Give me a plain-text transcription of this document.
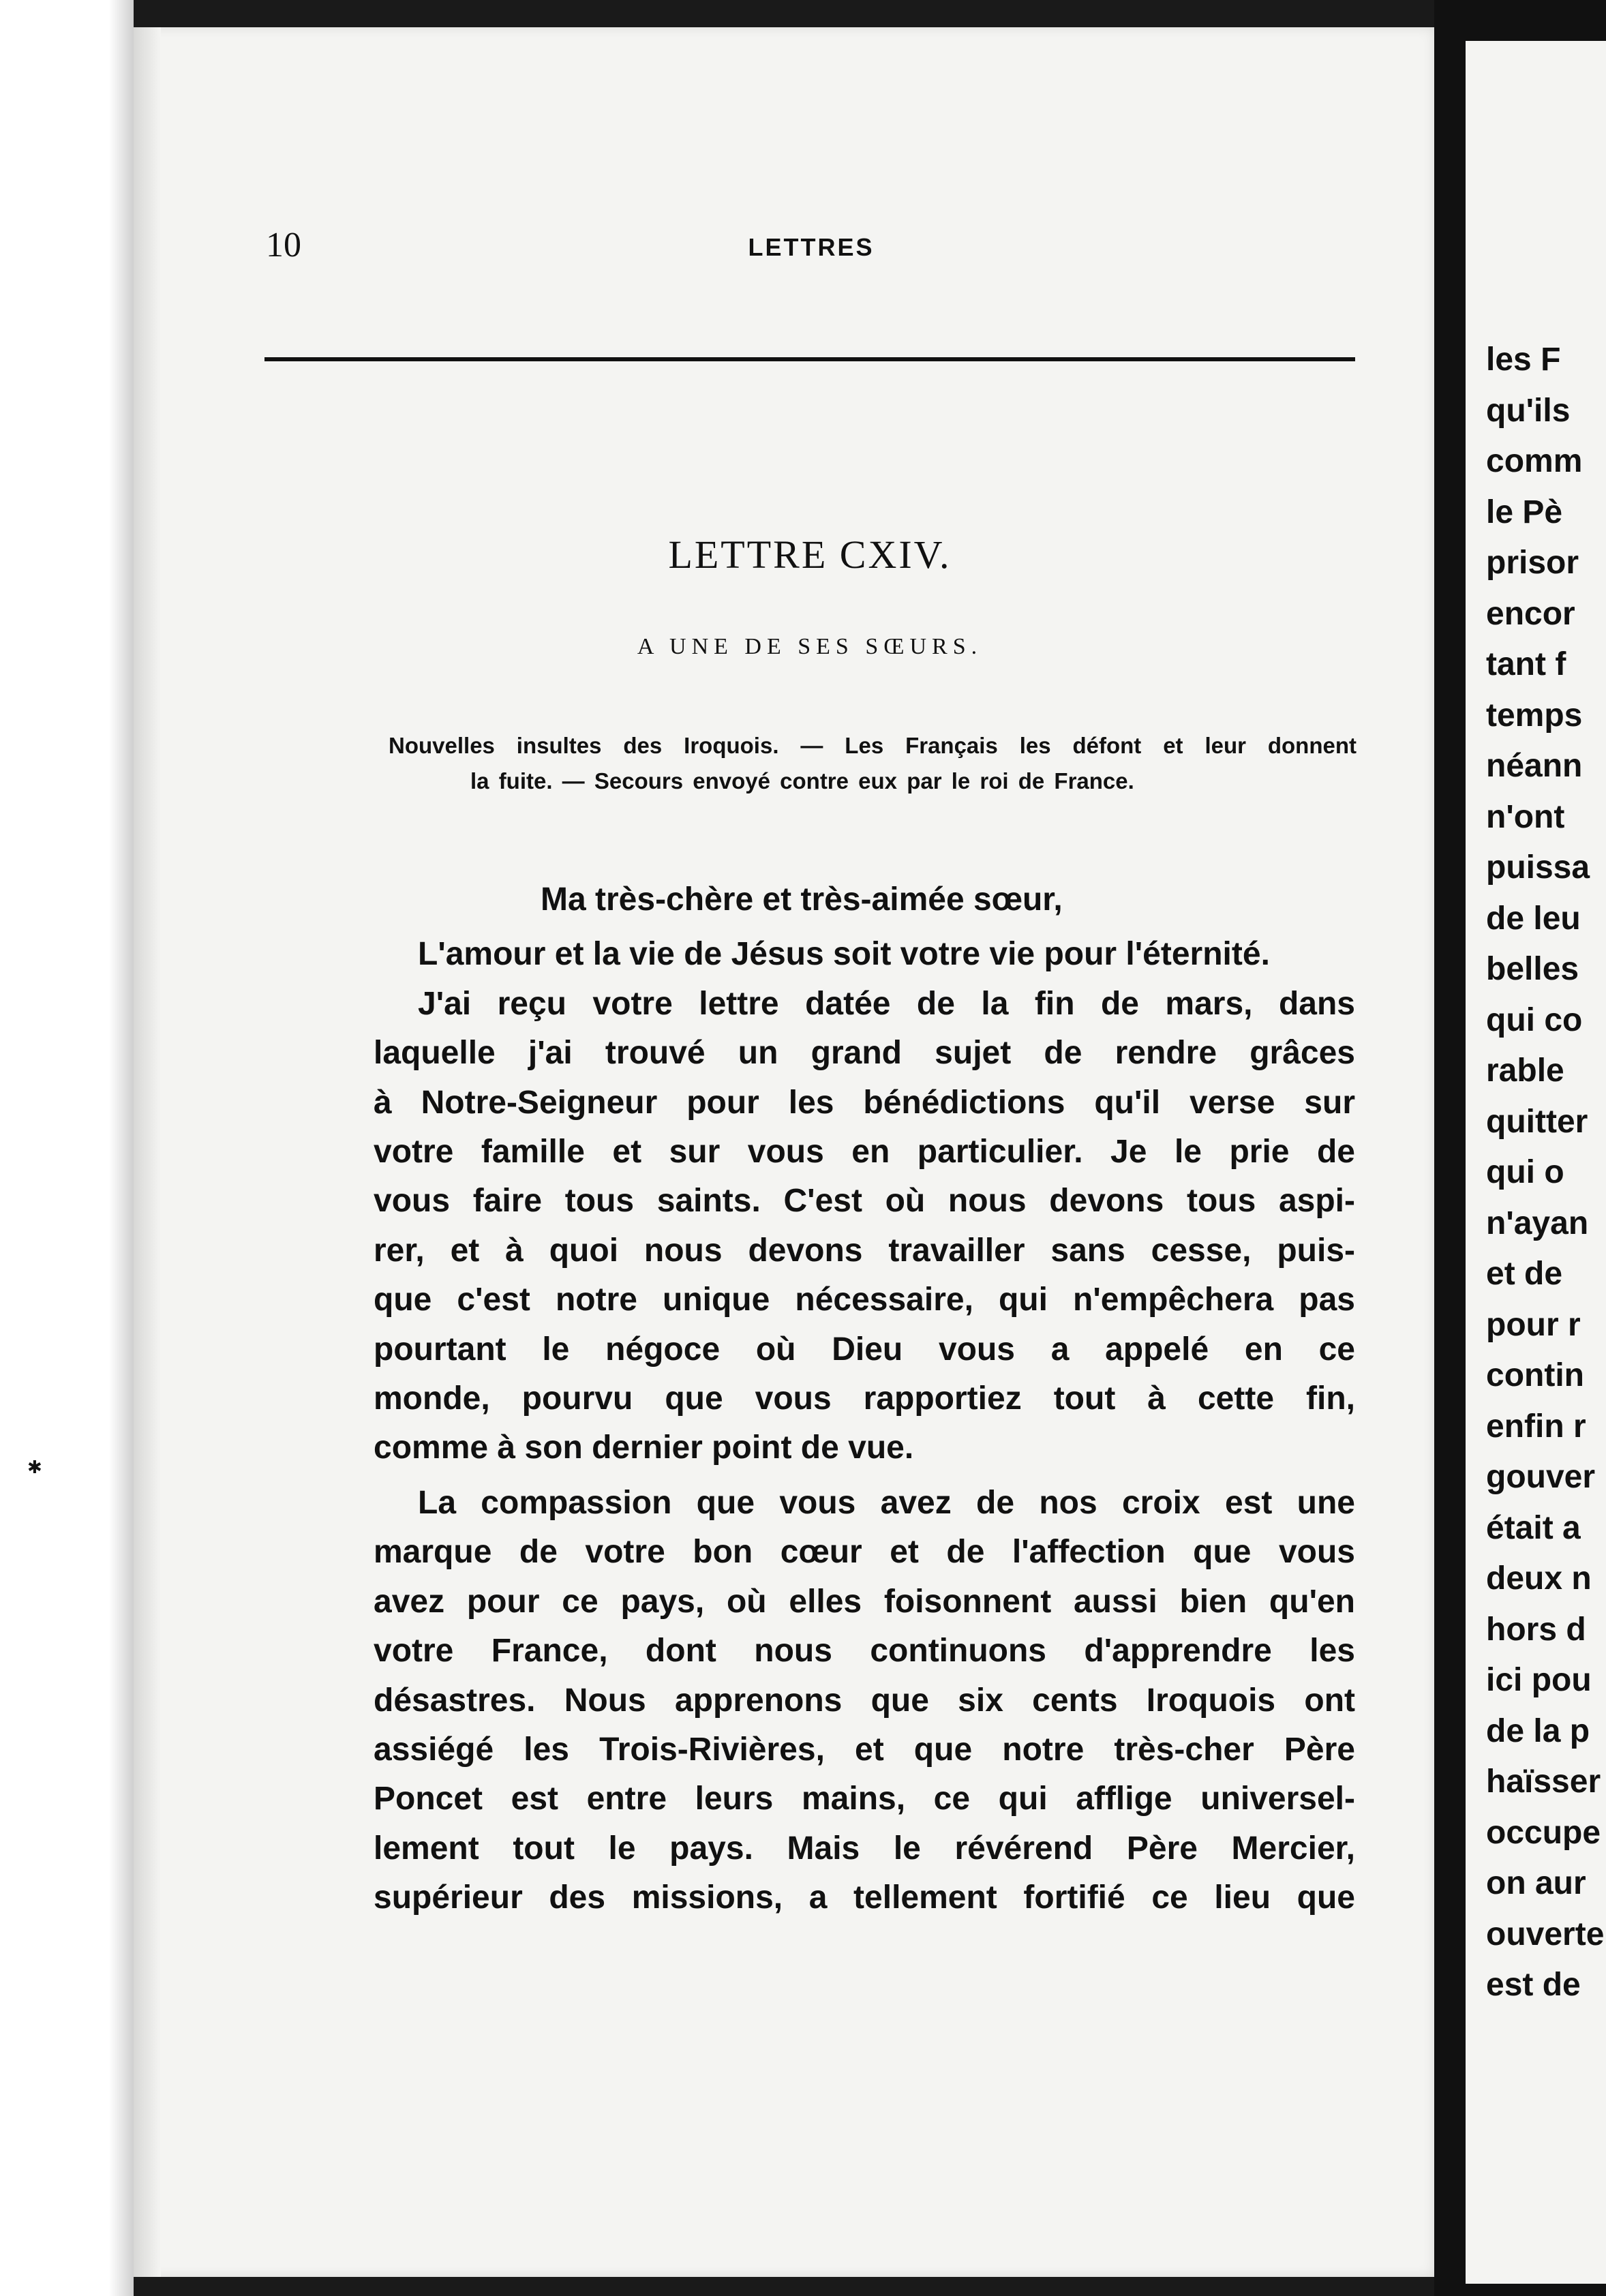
✱
10	LETTRES
LETTRE CXIV.
A UNE DE SES SŒURS.
Nouvelles insultes des Iroquois. — Les Français les défont et leur donnent
la fuite. — Secours envoyé contre eux par le roi de France.
Ma très-chère et très-aimée sœur,
L'amour et la vie de Jésus soit votre vie pour l'éternité.
J'ai reçu votre lettre datée de la fin de mars, dans
laquelle j'ai trouvé un grand sujet de rendre grâces
à Notre-Seigneur pour les bénédictions qu'il verse sur
votre famille et sur vous en particulier. Je le prie de
vous faire tous saints. C'est où nous devons tous aspi-
rer, et à quoi nous devons travailler sans cesse, puis-
que c'est notre unique nécessaire, qui n'empêchera pas
pourtant le négoce où Dieu vous a appelé en ce
monde, pourvu que vous rapportiez tout à cette fin,
comme à son dernier point de vue.
La compassion que vous avez de nos croix est une
marque de votre bon cœur et de l'affection que vous
avez pour ce pays, où elles foisonnent aussi bien qu'en
votre France, dont nous continuons d'apprendre les
désastres. Nous apprenons que six cents Iroquois ont
assiégé les Trois-Rivières, et que notre très-cher Père
Poncet est entre leurs mains, ce qui afflige universel-
lement tout le pays. Mais le révérend Père Mercier,
supérieur des missions, a tellement fortifié ce lieu que
les F
qu'ils
comm
le Pè
prisor
encor
tant f
temps
néann
n'ont
puissa
de leu
belles
qui co
rable
quitter
qui o
n'ayan
et de
pour r
contin
enfin r
gouver
était a
deux n
hors d
ici pou
de la p
haïsser
occupe
on aur
ouverte
est de
